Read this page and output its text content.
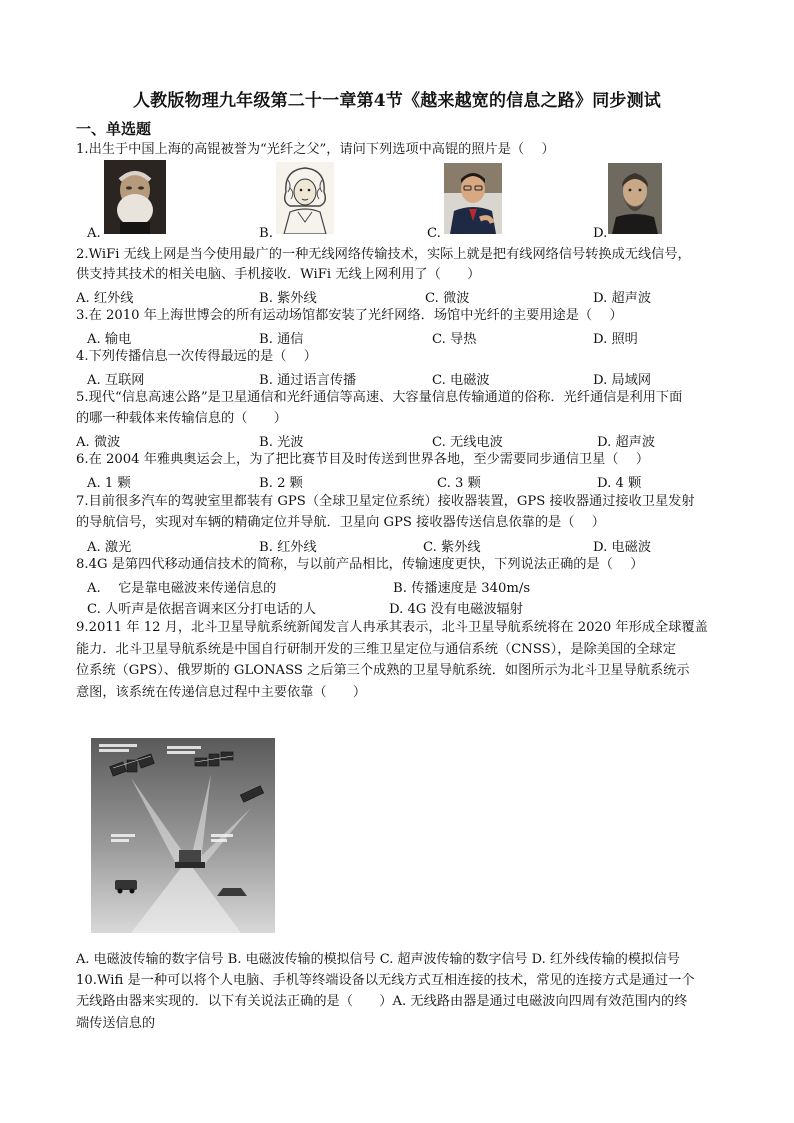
人教版物理九年级第二十一章第4节《越来越宽的信息之路》同步测试
一、单选题
1.出生于中国上海的高锟被誉为“光纤之父”，请问下列选项中高锟的照片是（　 ）
A.	B.	C.	D.
2.WiFi 无线上网是当今使用最广的一种无线网络传输技术，实际上就是把有线网络信号转换成无线信号，
供支持其技术的相关电脑、手机接收．WiFi 无线上网利用了（　　）
A. 红外线	B. 紫外线	C. 微波	D. 超声波
3.在 2010 年上海世博会的所有运动场馆都安装了光纤网络．场馆中光纤的主要用途是（　 ）
A. 输电	B. 通信	C. 导热	D. 照明
4.下列传播信息一次传得最远的是（　 ）
A. 互联网	B. 通过语言传播	C. 电磁波	D. 局域网
5.现代“信息高速公路”是卫星通信和光纤通信等高速、大容量信息传输通道的俗称．光纤通信是利用下面
的哪一种载体来传输信息的（　　）
A. 微波	B. 光波	C. 无线电波	D. 超声波
6.在 2004 年雅典奥运会上，为了把比赛节目及时传送到世界各地，至少需要同步通信卫星（　 ）
A. 1 颗	B. 2 颗	C. 3 颗	D. 4 颗
7.目前很多汽车的驾驶室里都装有 GPS（全球卫星定位系统）接收器装置，GPS 接收器通过接收卫星发射
的导航信号，实现对车辆的精确定位并导航．卫星向 GPS 接收器传送信息依靠的是（　 ）
A. 激光	B. 红外线	C. 紫外线	D. 电磁波
8.4G 是第四代移动通信技术的简称，与以前产品相比，传输速度更快，下列说法正确的是（　 ）
A.　 它是靠电磁波来传递信息的	B. 传播速度是 340m/s
C. 人听声是依据音调来区分打电话的人	D. 4G 没有电磁波辐射
9.2011 年 12 月，北斗卫星导航系统新闻发言人冉承其表示，北斗卫星导航系统将在 2020 年形成全球覆盖
能力．北斗卫星导航系统是中国自行研制开发的三维卫星定位与通信系统（CNSS），是除美国的全球定
位系统（GPS）、俄罗斯的 GLONASS 之后第三个成熟的卫星导航系统．如图所示为北斗卫星导航系统示
意图，该系统在传递信息过程中主要依靠（　　）
A. 电磁波传输的数字信号 B. 电磁波传输的模拟信号 C. 超声波传输的数字信号 D. 红外线传输的模拟信号
10.Wifi 是一种可以将个人电脑、手机等终端设备以无线方式互相连接的技术，常见的连接方式是通过一个
无线路由器来实现的．以下有关说法正确的是（　　）A. 无线路由器是通过电磁波向四周有效范围内的终
端传送信息的
